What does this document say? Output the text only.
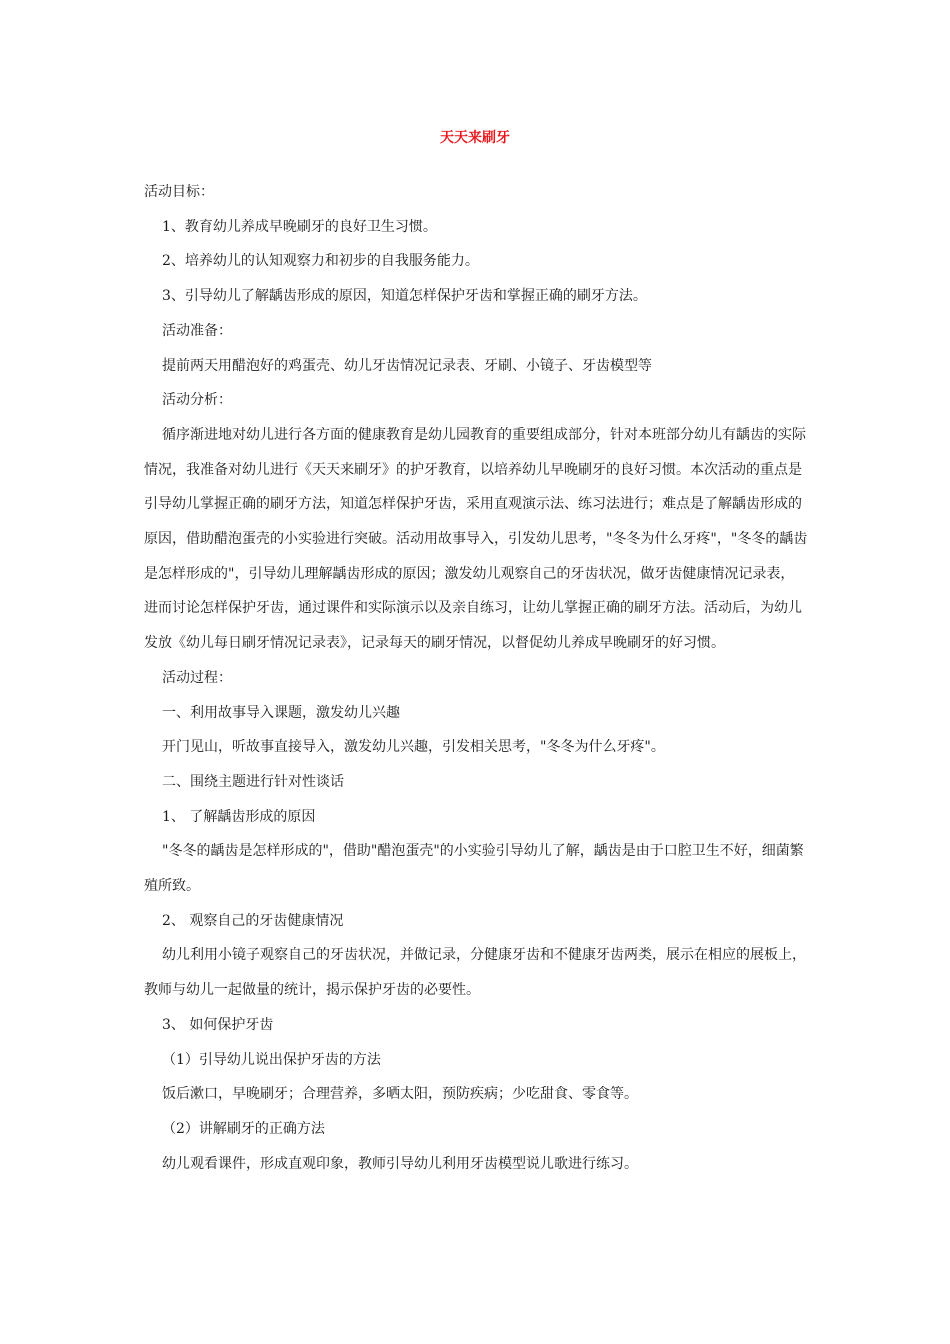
天天来刷牙

活动目标：

1、教育幼儿养成早晚刷牙的良好卫生习惯。

2、培养幼儿的认知观察力和初步的自我服务能力。

3、引导幼儿了解龋齿形成的原因，知道怎样保护牙齿和掌握正确的刷牙方法。

活动准备：

提前两天用醋泡好的鸡蛋壳、幼儿牙齿情况记录表、牙刷、小镜子、牙齿模型等

活动分析：

循序渐进地对幼儿进行各方面的健康教育是幼儿园教育的重要组成部分，针对本班部分幼儿有龋齿的实际情况，我准备对幼儿进行《天天来刷牙》的护牙教育，以培养幼儿早晚刷牙的良好习惯。本次活动的重点是引导幼儿掌握正确的刷牙方法，知道怎样保护牙齿，采用直观演示法、练习法进行；难点是了解龋齿形成的原因，借助醋泡蛋壳的小实验进行突破。活动用故事导入，引发幼儿思考，"冬冬为什么牙疼"，"冬冬的龋齿是怎样形成的"，引导幼儿理解龋齿形成的原因；激发幼儿观察自己的牙齿状况，做牙齿健康情况记录表，进而讨论怎样保护牙齿，通过课件和实际演示以及亲自练习，让幼儿掌握正确的刷牙方法。活动后，为幼儿发放《幼儿每日刷牙情况记录表》，记录每天的刷牙情况，以督促幼儿养成早晚刷牙的好习惯。

活动过程：

一、利用故事导入课题，激发幼儿兴趣

开门见山，听故事直接导入，激发幼儿兴趣，引发相关思考，"冬冬为什么牙疼"。

二、围绕主题进行针对性谈话

1、 了解龋齿形成的原因

"冬冬的龋齿是怎样形成的"，借助"醋泡蛋壳"的小实验引导幼儿了解，龋齿是由于口腔卫生不好，细菌繁殖所致。

2、 观察自己的牙齿健康情况

幼儿利用小镜子观察自己的牙齿状况，并做记录，分健康牙齿和不健康牙齿两类，展示在相应的展板上，教师与幼儿一起做量的统计，揭示保护牙齿的必要性。

3、 如何保护牙齿

（1）引导幼儿说出保护牙齿的方法

饭后漱口，早晚刷牙；合理营养，多晒太阳，预防疾病；少吃甜食、零食等。

（2）讲解刷牙的正确方法

幼儿观看课件，形成直观印象，教师引导幼儿利用牙齿模型说儿歌进行练习。
